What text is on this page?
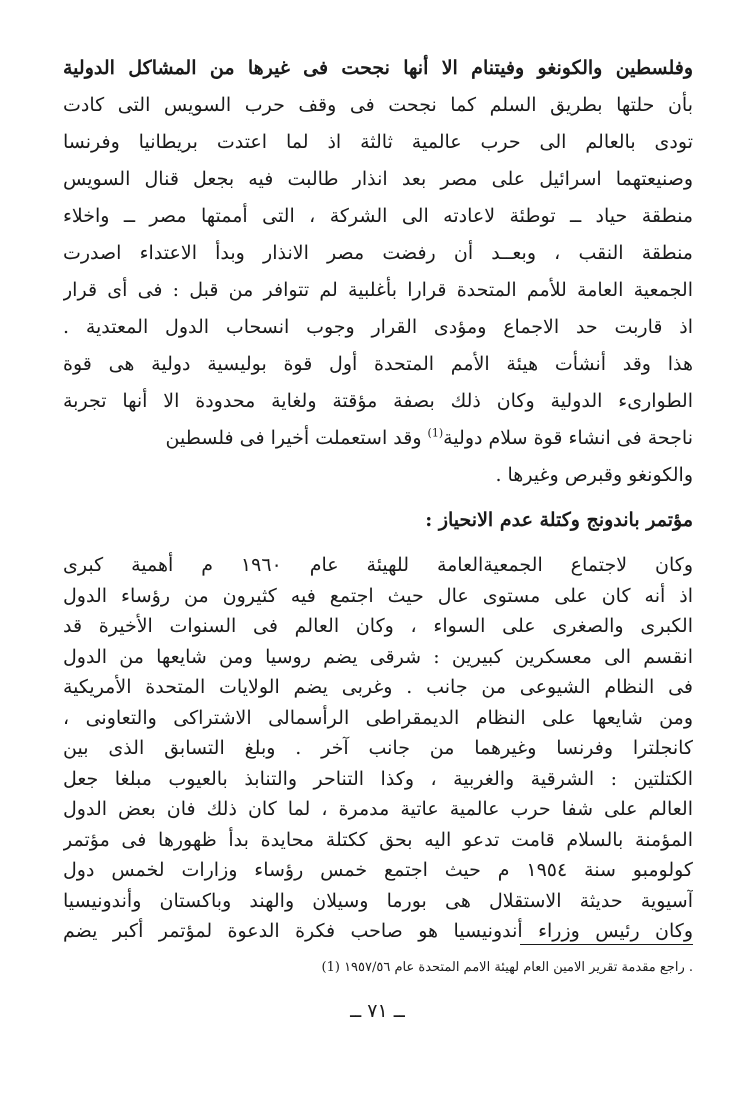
وفلسطين والكونغو وفيتنام الا أنها نجحت فى غيرها من المشاكل الدولية
بأن حلتها بطريق السلم كما نجحت فى وقف حرب السويس التى كادت
تودى بالعالم الى حرب عالمية ثالثة اذ لما اعتدت بريطانيا وفرنسا
وصنيعتهما اسرائيل على مصر بعد انذار طالبت فيه بجعل قنال السويس
منطقة حياد ــ توطئة لاعادته الى الشركة ، التى أممتها مصر ــ واخلاء
منطقة النقب ، وبعــد أن رفضت مصر الانذار وبدأ الاعتداء اصدرت
الجمعية العامة للأمم المتحدة قرارا بأغلبية لم تتوافر من قبل : فى أى قرار
اذ قاربت حد الاجماع ومؤدى القرار وجوب انسحاب الدول المعتدية .
هذا وقد أنشأت هيئة الأمم المتحدة أول قوة بوليسية دولية هى قوة
الطوارىء الدولية وكان ذلك بصفة مؤقتة ولغاية محدودة الا أنها تجربة
ناجحة فى انشاء قوة سلام دولية$^{(1)}$ وقد استعملت أخيرا فى فلسطين
والكونغو وقبرص وغيرها .
مؤتمر باندونج وكتلة عدم الانحياز :
وكان لاجتماع الجمعيةالعامة للهيئة عام ١٩٦٠ م أهمية كبرى
اذ أنه كان على مستوى عال حيث اجتمع فيه كثيرون من رؤساء الدول
الكبرى والصغرى على السواء ، وكان العالم فى السنوات الأخيرة قد
انقسم الى معسكرين كبيرين : شرقى يضم روسيا ومن شايعها من الدول
فى النظام الشيوعى من جانب . وغربى يضم الولايات المتحدة الأمريكية
ومن شايعها على النظام الديمقراطى الرأسمالى الاشتراكى والتعاونى ،
كانجلترا وفرنسا وغيرهما من جانب آخر . وبلغ التسابق الذى بين
الكتلتين : الشرقية والغربية ، وكذا التناحر والتنابذ بالعيوب مبلغا جعل
العالم على شفا حرب عالمية عاتية مدمرة ، لما كان ذلك فان بعض الدول
المؤمنة بالسلام قامت تدعو اليه بحق ككتلة محايدة بدأ ظهورها فى مؤتمر
كولومبو سنة ١٩٥٤ م حيث اجتمع خمس رؤساء وزارات لخمس دول
آسيوية حديثة الاستقلال هى بورما وسيلان والهند وباكستان وأندونيسيا
وكان رئيس وزراء أندونيسيا هو صاحب فكرة الدعوة لمؤتمر أكبر يضم
(1) راجع مقدمة تقرير الامين العام لهيئة الامم المتحدة عام ١٩٥٧/٥٦ .
ــ ٧١ ــ
